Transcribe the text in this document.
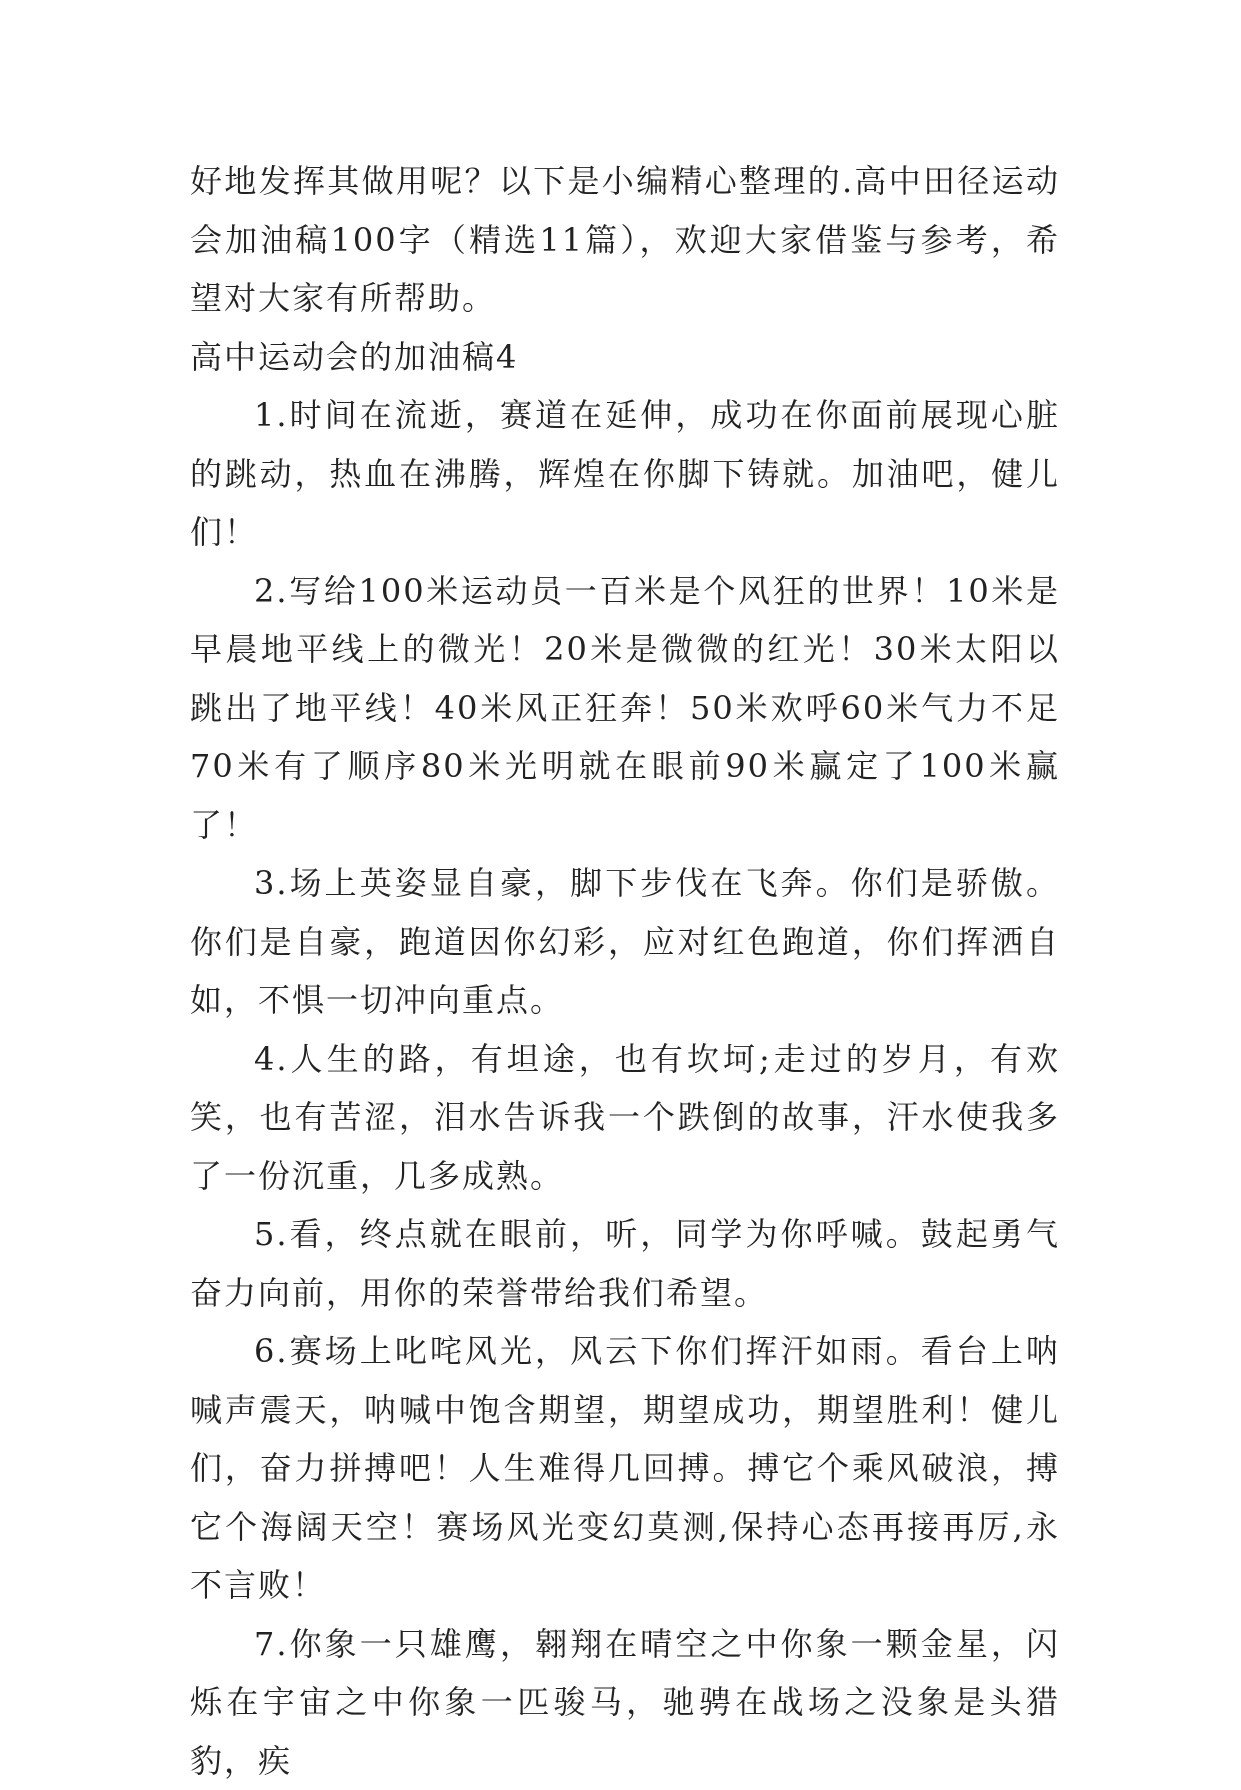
好地发挥其做用呢？以下是小编精心整理的.高中田径运动会加油稿100字（精选11篇），欢迎大家借鉴与参考，希望对大家有所帮助。

高中运动会的加油稿4

1.时间在流逝，赛道在延伸，成功在你面前展现心脏的跳动，热血在沸腾，辉煌在你脚下铸就。加油吧，健儿们！

2.写给100米运动员一百米是个风狂的世界！10米是早晨地平线上的微光！20米是微微的红光！30米太阳以跳出了地平线！40米风正狂奔！50米欢呼60米气力不足70米有了顺序80米光明就在眼前90米赢定了100米赢了！

3.场上英姿显自豪，脚下步伐在飞奔。你们是骄傲。你们是自豪，跑道因你幻彩，应对红色跑道，你们挥洒自如，不惧一切冲向重点。

4.人生的路，有坦途，也有坎坷;走过的岁月，有欢笑，也有苦涩，泪水告诉我一个跌倒的故事，汗水使我多了一份沉重，几多成熟。

5.看，终点就在眼前，听，同学为你呼喊。鼓起勇气奋力向前，用你的荣誉带给我们希望。

6.赛场上叱咤风光，风云下你们挥汗如雨。看台上呐喊声震天，呐喊中饱含期望，期望成功，期望胜利！健儿们，奋力拼搏吧！人生难得几回搏。搏它个乘风破浪，搏它个海阔天空！赛场风光变幻莫测,保持心态再接再厉,永不言败！

7.你象一只雄鹰，翱翔在晴空之中你象一颗金星，闪烁在宇宙之中你象一匹骏马，驰骋在战场之没象是头猎豹，疾
